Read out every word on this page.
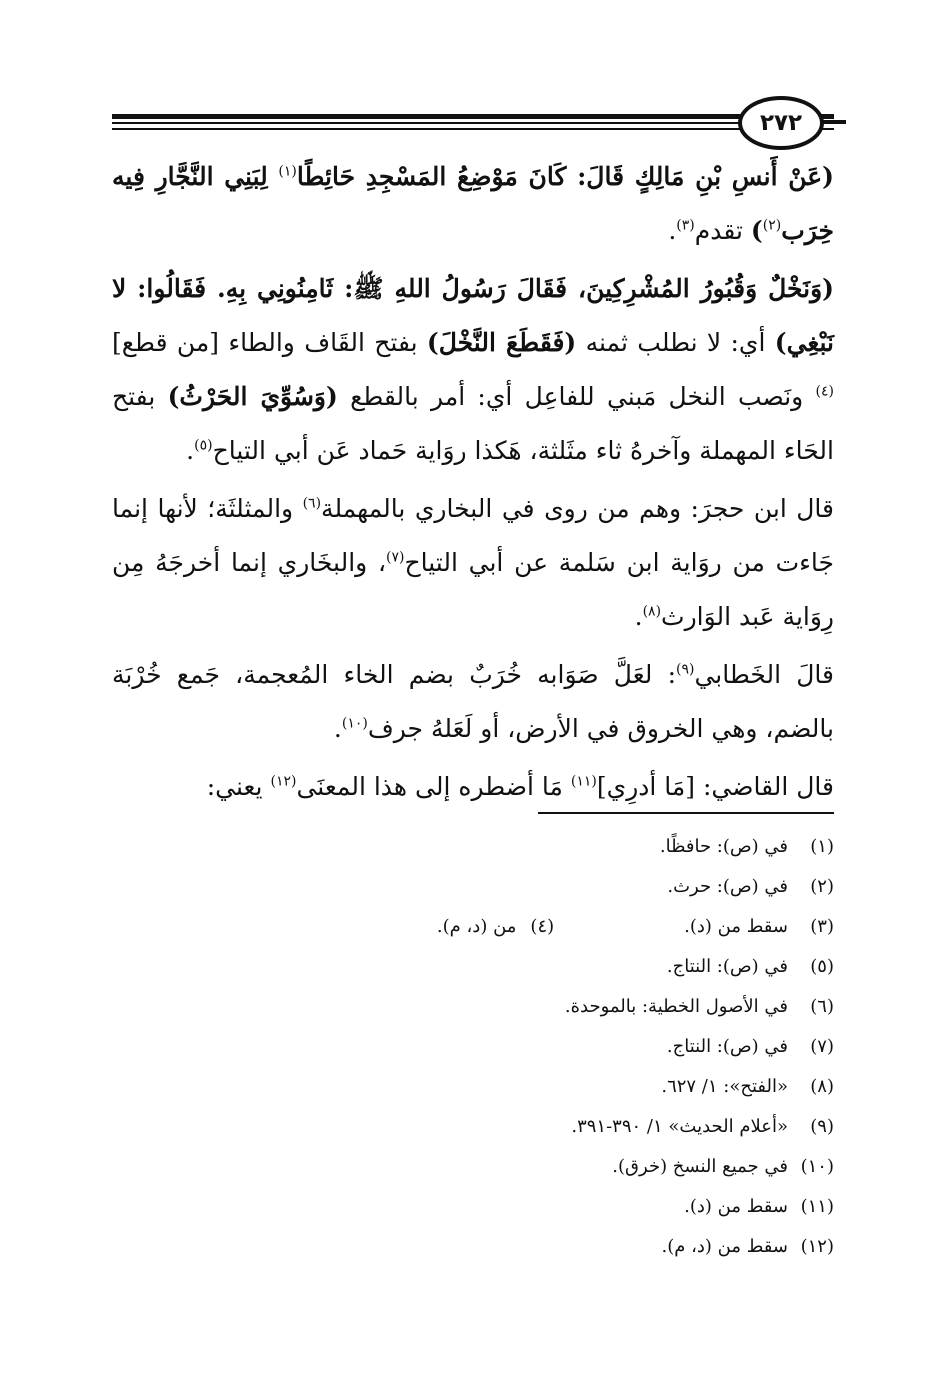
٢٧٢

(عَنْ أَنسِ بْنِ مَالِكٍ قَالَ: كَانَ مَوْضِعُ المَسْجِدِ حَائِطًا$^{(١)}$ لِبَنِي النَّجَّارِ فِيه خِرَب$^{(٢)}$) تقدم$^{(٣)}$.

(وَنَخْلٌ وَقُبُورُ المُشْرِكِينَ، فَقَالَ رَسُولُ اللهِ ﷺ: ثَامِنُونِي بِهِ. فَقَالُوا: لا نَبْغِي) أي: لا نطلب ثمنه (فَقَطَعَ النَّخْلَ) بفتح القَاف والطاء [من قطع]$^{(٤)}$ ونَصب النخل مَبني للفاعِل أي: أمر بالقطع (وَسُوِّيَ الحَرْثُ) بفتح الحَاء المهملة وآخرهُ ثاء مثَلثة، هَكذا روَاية حَماد عَن أبي التياح$^{(٥)}$.

قال ابن حجرَ: وهم من روى في البخاري بالمهملة$^{(٦)}$ والمثلثَة؛ لأنها إنما جَاءت من روَاية ابن سَلمة عن أبي التياح$^{(٧)}$، والبخَاري إنما أخرجَهُ مِن رِوَاية عَبد الوَارث$^{(٨)}$.

قالَ الخَطابي$^{(٩)}$: لعَلَّ صَوَابه خُرَبٌ بضم الخاء المُعجمة، جَمع خُرْبَة بالضم، وهي الخروق في الأرض، أو لَعَلهُ جرف$^{(١٠)}$.

قال القاضي: [مَا أدرِي]$^{(١١)}$ مَا أضطره إلى هذا المعنَى$^{(١٢)}$ يعني:

(١)
في (ص): حافظًا.
(٢)
في (ص): حرث.
(٣)
سقط من (د).
(٤)
من (د، م).
(٥)
في (ص): النتاج.
(٦)
في الأصول الخطية: بالموحدة.
(٧)
في (ص): النتاج.
(٨)
«الفتح»: ١/ ٦٢٧.
(٩)
«أعلام الحديث» ١/ ٣٩٠-٣٩١.
(١٠)
في جميع النسخ (خرق).
(١١)
سقط من (د).
(١٢)
سقط من (د، م).
